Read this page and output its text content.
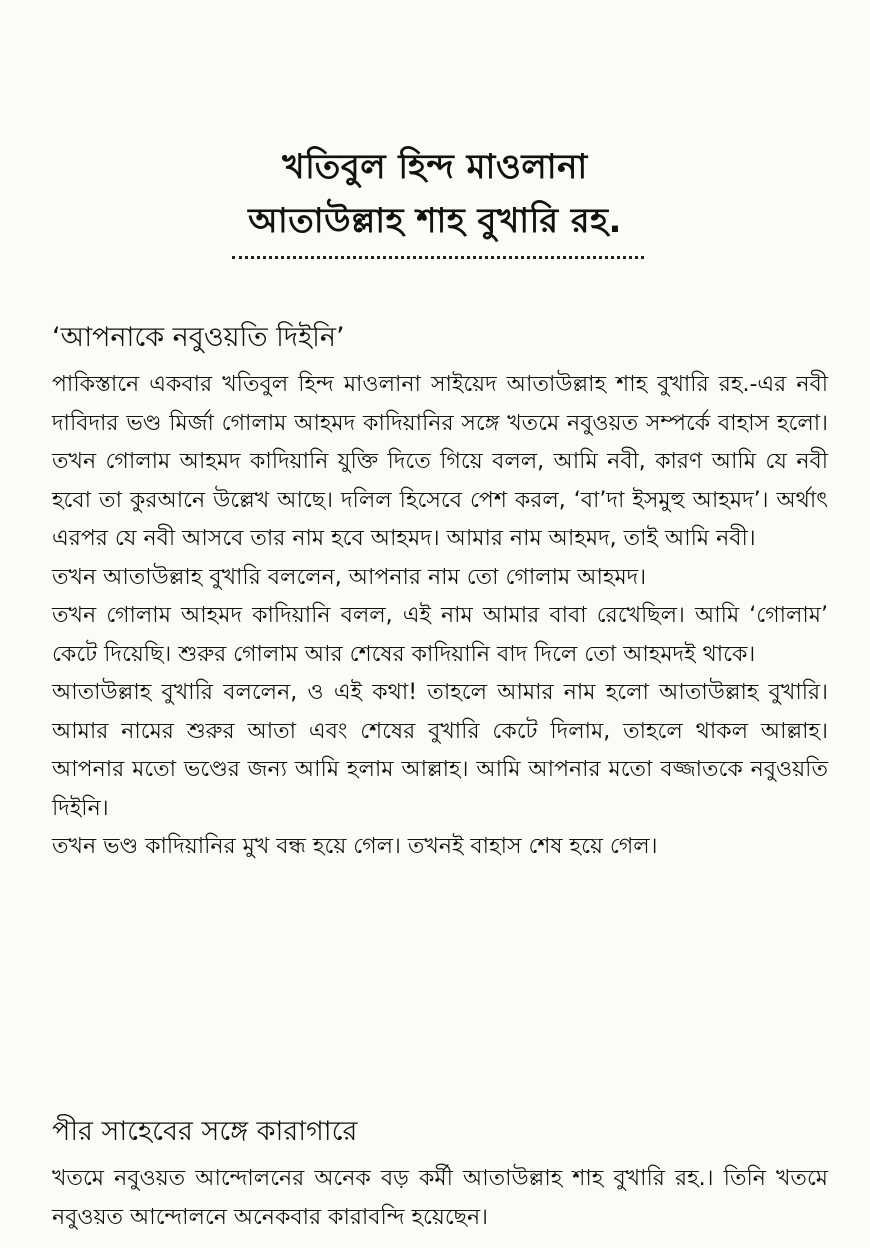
খতিবুল হিন্দ মাওলানা
আতাউল্লাহ শাহ বুখারি রহ.
‘আপনাকে নবুওয়তি দিইনি’

পাকিস্তানে একবার খতিবুল হিন্দ মাওলানা সাইয়েদ আতাউল্লাহ শাহ বুখারি রহ.-এর নবী দাবিদার ভণ্ড মির্জা গোলাম আহমদ কাদিয়ানির সঙ্গে খতমে নবুওয়ত সম্পর্কে বাহাস হলো। তখন গোলাম আহমদ কাদিয়ানি যুক্তি দিতে গিয়ে বলল, আমি নবী, কারণ আমি যে নবী হবো তা কুরআনে উল্লেখ আছে। দলিল হিসেবে পেশ করল, ‘বা’দা ইসমুহু আহমদ’। অর্থাৎ এরপর যে নবী আসবে তার নাম হবে আহমদ। আমার নাম আহমদ, তাই আমি নবী।

তখন আতাউল্লাহ বুখারি বললেন, আপনার নাম তো গোলাম আহমদ।

তখন গোলাম আহমদ কাদিয়ানি বলল, এই নাম আমার বাবা রেখেছিল। আমি ‘গোলাম’ কেটে দিয়েছি। শুরুর গোলাম আর শেষের কাদিয়ানি বাদ দিলে তো আহমদই থাকে।

আতাউল্লাহ বুখারি বললেন, ও এই কথা! তাহলে আমার নাম হলো আতাউল্লাহ বুখারি। আমার নামের শুরুর আতা এবং শেষের বুখারি কেটে দিলাম, তাহলে থাকল আল্লাহ। আপনার মতো ভণ্ডের জন্য আমি হলাম আল্লাহ। আমি আপনার মতো বজ্জাতকে নবুওয়তি দিইনি।

তখন ভণ্ড কাদিয়ানির মুখ বন্ধ হয়ে গেল। তখনই বাহাস শেষ হয়ে গেল।

পীর সাহেবের সঙ্গে কারাগারে

খতমে নবুওয়ত আন্দোলনের অনেক বড় কর্মী আতাউল্লাহ শাহ বুখারি রহ.। তিনি খতমে নবুওয়ত আন্দোলনে অনেকবার কারাবন্দি হয়েছেন।
